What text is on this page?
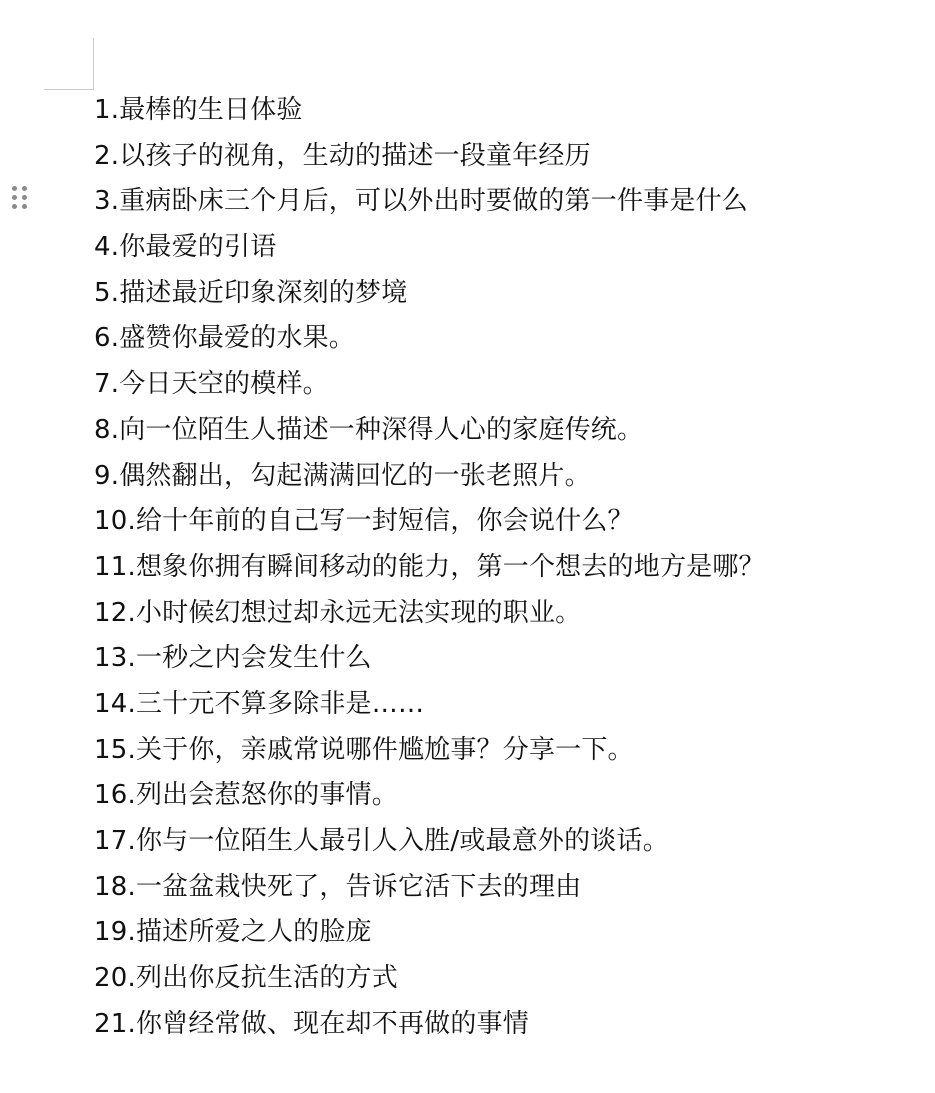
1.最棒的生日体验
2.以孩子的视角，生动的描述一段童年经历
3.重病卧床三个月后，可以外出时要做的第一件事是什么
4.你最爱的引语
5.描述最近印象深刻的梦境
6.盛赞你最爱的水果。
7.今日天空的模样。
8.向一位陌生人描述一种深得人心的家庭传统。
9.偶然翻出，勾起满满回忆的一张老照片。
10.给十年前的自己写一封短信，你会说什么？
11.想象你拥有瞬间移动的能力，第一个想去的地方是哪？
12.小时候幻想过却永远无法实现的职业。
13.一秒之内会发生什么
14.三十元不算多除非是……
15.关于你，亲戚常说哪件尴尬事？分享一下。
16.列出会惹怒你的事情。
17.你与一位陌生人最引人入胜/或最意外的谈话。
18.一盆盆栽快死了，告诉它活下去的理由
19.描述所爱之人的脸庞
20.列出你反抗生活的方式
21.你曾经常做、现在却不再做的事情
